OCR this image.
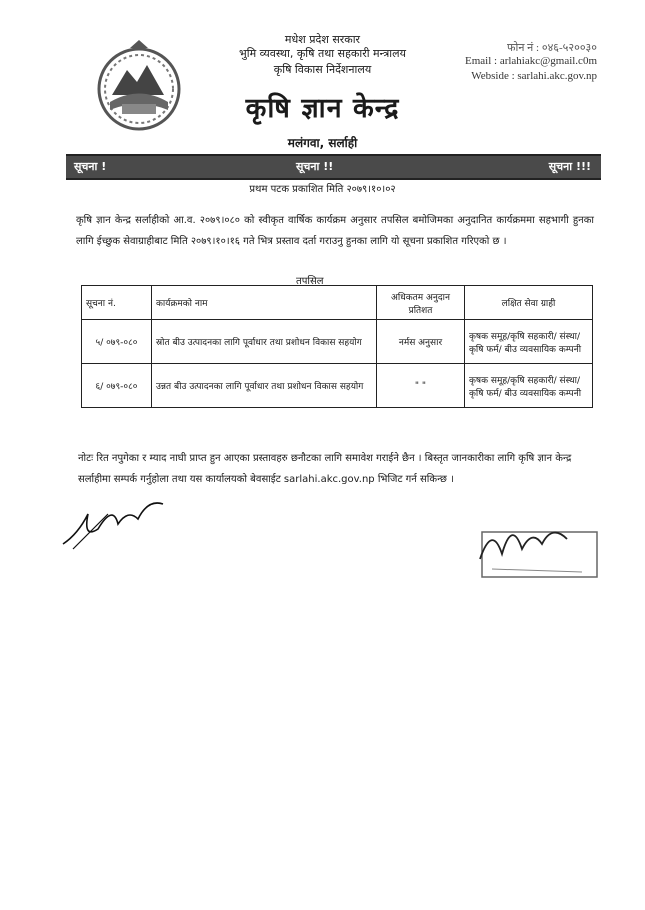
मधेश प्रदेश सरकार
भुमि व्यवस्था, कृषि तथा सहकारी मन्त्रालय
कृषि विकास निर्देशनालय
कृषि ज्ञान केन्द्र
मलंगवा, सर्लाही
फोन नं : ०४६-५२००३०
Email : arlahiakc@gmail.c0m
Webside : sarlahi.akc.gov.np
सूचना !	सूचना !!	सूचना !!!
प्रथम पटक प्रकाशित मिति २०७९।१०।०२
कृषि ज्ञान केन्द्र सर्लाहीको आ.व. २०७९।०८० को स्वीकृत वार्षिक कार्यक्रम अनुसार तपसिल बमोजिमका अनुदानित कार्यक्रममा सहभागी हुनका लागि ईच्छुक सेवाग्राहीबाट मिति २०७९।१०।१६ गते भित्र प्रस्ताव दर्ता गराउनु हुनका लागि यो सूचना प्रकाशित गरिएको छ ।
तपसिल
सूचना नं.	कार्यक्रमको नाम	अधिकतम अनुदान प्रतिशत	लक्षित सेवा ग्राही
५/ ०७९-०८०	स्रोत बीउ उत्पादनका लागि पूर्वाधार तथा प्रशोधन विकास सहयोग	नर्मस अनुसार	कृषक समूह/कृषि सहकारी/ संस्था/ कृषि फर्म/ बीउ व्यवसायिक कम्पनी
६/ ०७९-०८०	उन्नत बीउ उत्पादनका लागि पूर्वाधार तथा प्रशोधन विकास सहयोग	" "	कृषक समूह/कृषि सहकारी/ संस्था/ कृषि फर्म/ बीउ व्यवसायिक कम्पनी
नोटः रित नपुगेका र म्याद नाघी प्राप्त हुन आएका प्रस्तावहरु छनौटका लागि समावेश गराईने छैन । बिस्तृत जानकारीका लागि कृषि ज्ञान केन्द्र सर्लाहीमा सम्पर्क गर्नुहोला तथा यस कार्यालयको बेवसाईट sarlahi.akc.gov.np भिजिट गर्न सकिन्छ ।
